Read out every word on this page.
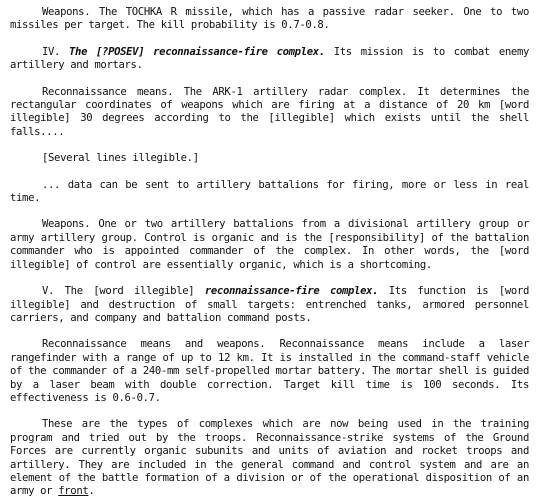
Weapons. The TOCHKA R missile, which has a passive radar seeker. One to two missiles per target. The kill probability is 0.7-0.8.

IV. The [?POSEV] reconnaissance-fire complex. Its mission is to combat enemy artillery and mortars.

Reconnaissance means. The ARK-1 artillery radar complex. It determines the rectangular coordinates of weapons which are firing at a distance of 20 km [word illegible] 30 degrees according to the [illegible] which exists until the shell falls....

[Several lines illegible.]

... data can be sent to artillery battalions for firing, more or less in real time.

Weapons. One or two artillery battalions from a divisional artillery group or army artillery group. Control is organic and is the [responsibility] of the battalion commander who is appointed commander of the complex. In other words, the [word illegible] of control are essentially organic, which is a shortcoming.

V. The [word illegible] reconnaissance-fire complex. Its function is [word illegible] and destruction of small targets: entrenched tanks, armored personnel carriers, and company and battalion command posts.

Reconnaissance means and weapons. Reconnaissance means include a laser rangefinder with a range of up to 12 km. It is installed in the command-staff vehicle of the commander of a 240-mm self-propelled mortar battery. The mortar shell is guided by a laser beam with double correction. Target kill time is 100 seconds. Its effectiveness is 0.6-0.7.

These are the types of complexes which are now being used in the training program and tried out by the troops. Reconnaissance-strike systems of the Ground Forces are currently organic subunits and units of aviation and rocket troops and artillery. They are included in the general command and control system and are an element of the battle formation of a division or of the operational disposition of an army or front.
